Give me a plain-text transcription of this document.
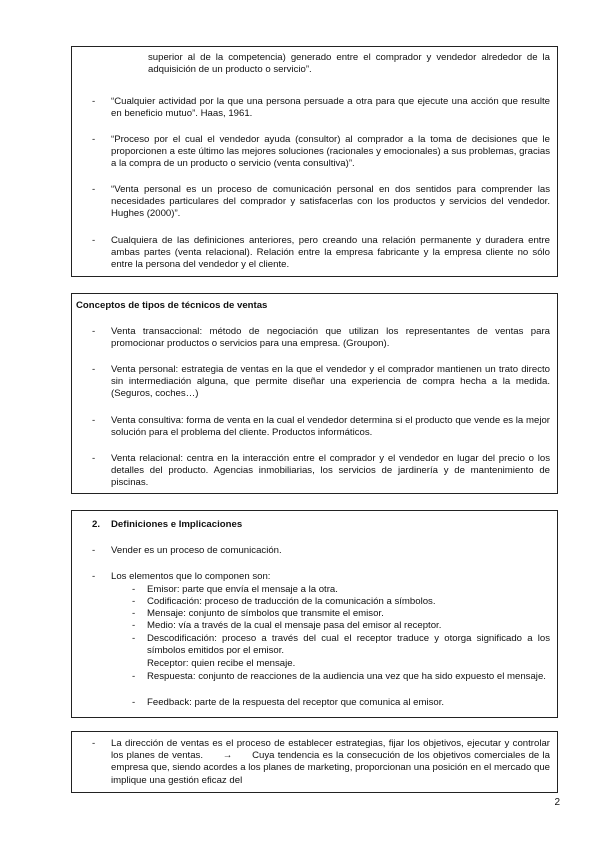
superior al de la competencia) generado entre el comprador y vendedor alrededor de la adquisición de un producto o servicio”.

-	“Cualquier actividad por la que una persona persuade a otra para que ejecute una acción que resulte en beneficio mutuo”. Haas, 1961.

-	“Proceso por el cual el vendedor ayuda (consultor) al comprador a la toma de decisiones que le proporcionen a este último las mejores soluciones (racionales y emocionales) a sus problemas, gracias a la compra de un producto o servicio (venta consultiva)”.

-	“Venta personal es un proceso de comunicación personal en dos sentidos para comprender las necesidades particulares del comprador y satisfacerlas con los productos y servicios del vendedor. Hughes (2000)”.

-	Cualquiera de las definiciones anteriores, pero creando una relación permanente y duradera entre ambas partes (venta relacional). Relación entre la empresa fabricante y la empresa cliente no sólo entre la persona del vendedor y el cliente.

Conceptos de tipos de técnicos de ventas
-	Venta transaccional: método de negociación que utilizan los representantes de ventas para promocionar productos o servicios para una empresa. (Groupon).

-	Venta personal: estrategia de ventas en la que el vendedor y el comprador mantienen un trato directo sin intermediación alguna, que permite diseñar una experiencia de compra hecha a la medida. (Seguros, coches…)

-	Venta consultiva: forma de venta en la cual el vendedor determina si el producto que vende es la mejor solución para el problema del cliente. Productos informáticos.

-	Venta relacional: centra en la interacción entre el comprador y el vendedor en lugar del precio o los detalles del producto. Agencias inmobiliarias, los servicios de jardinería y de mantenimiento de piscinas.

2. Definiciones e Implicaciones
-	Vender es un proceso de comunicación.

-	Los elementos que lo componen son:

-	Emisor: parte que envía el mensaje a la otra.

-	Codificación: proceso de traducción de la comunicación a símbolos.

-	Mensaje: conjunto de símbolos que transmite el emisor.

-	Medio: vía a través de la cual el mensaje pasa del emisor al receptor.

-	Descodificación: proceso a través del cual el receptor traduce y otorga significado a los símbolos emitidos por el emisor.

Receptor: quien recibe el mensaje.

-	Respuesta: conjunto de reacciones de la audiencia una vez que ha sido expuesto el mensaje.

-	Feedback: parte de la respuesta del receptor que comunica al emisor.

-	La dirección de ventas es el proceso de establecer estrategias, fijar los objetivos, ejecutar y controlar los planes de ventas. → Cuya tendencia es la consecución de los objetivos comerciales de la empresa que, siendo acordes a los planes de marketing, proporcionan una posición en el mercado que implique una gestión eficaz del

2
